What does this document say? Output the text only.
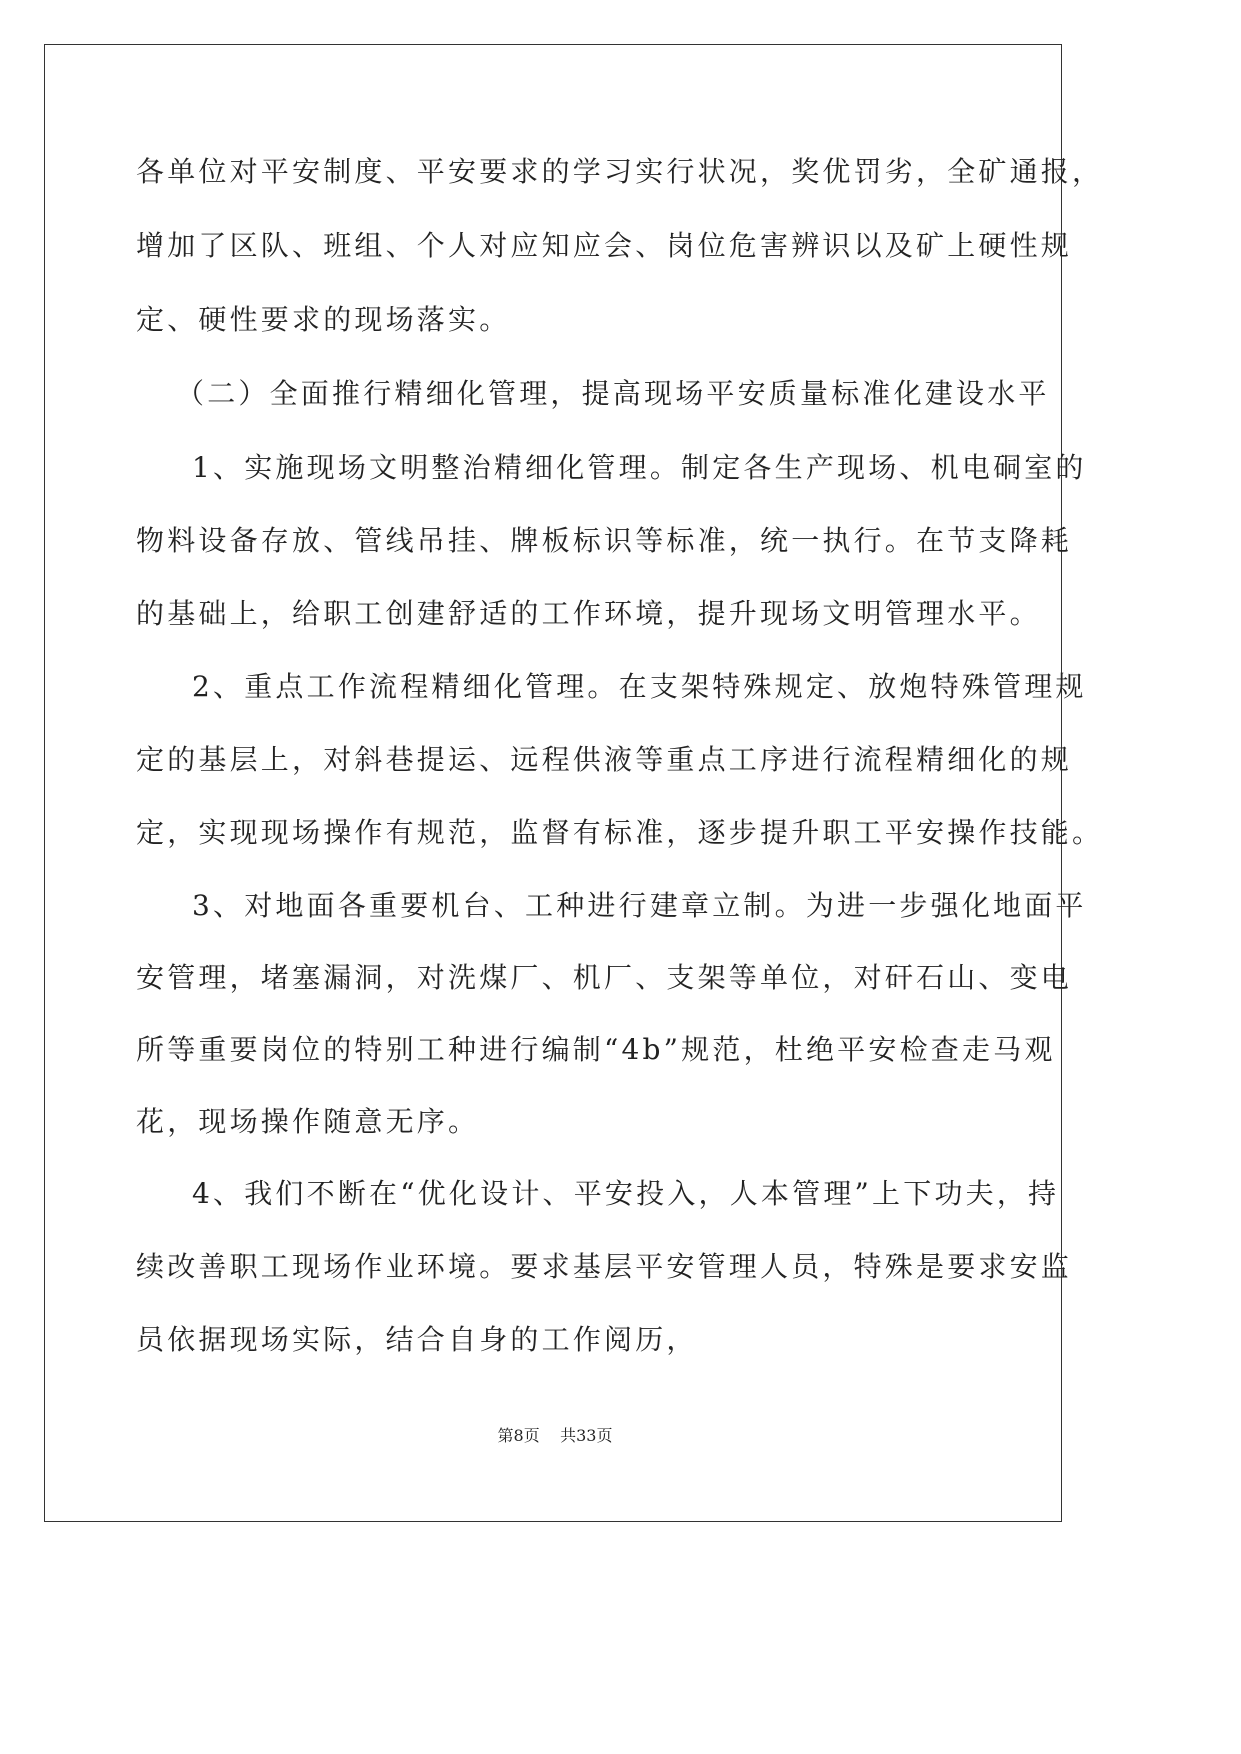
各单位对平安制度、平安要求的学习实行状况，奖优罚劣，全矿通报，
增加了区队、班组、个人对应知应会、岗位危害辨识以及矿上硬性规
定、硬性要求的现场落实。
（二）全面推行精细化管理，提高现场平安质量标准化建设水平
1、实施现场文明整治精细化管理。制定各生产现场、机电硐室的
物料设备存放、管线吊挂、牌板标识等标准，统一执行。在节支降耗
的基础上，给职工创建舒适的工作环境，提升现场文明管理水平。
2、重点工作流程精细化管理。在支架特殊规定、放炮特殊管理规
定的基层上，对斜巷提运、远程供液等重点工序进行流程精细化的规
定，实现现场操作有规范，监督有标准，逐步提升职工平安操作技能。
3、对地面各重要机台、工种进行建章立制。为进一步强化地面平
安管理，堵塞漏洞，对洗煤厂、机厂、支架等单位，对矸石山、变电
所等重要岗位的特别工种进行编制“4b”规范，杜绝平安检查走马观
花，现场操作随意无序。
4、我们不断在“优化设计、平安投入，人本管理”上下功夫，持
续改善职工现场作业环境。要求基层平安管理人员，特殊是要求安监
员依据现场实际，结合自身的工作阅历，
第8页 共33页
